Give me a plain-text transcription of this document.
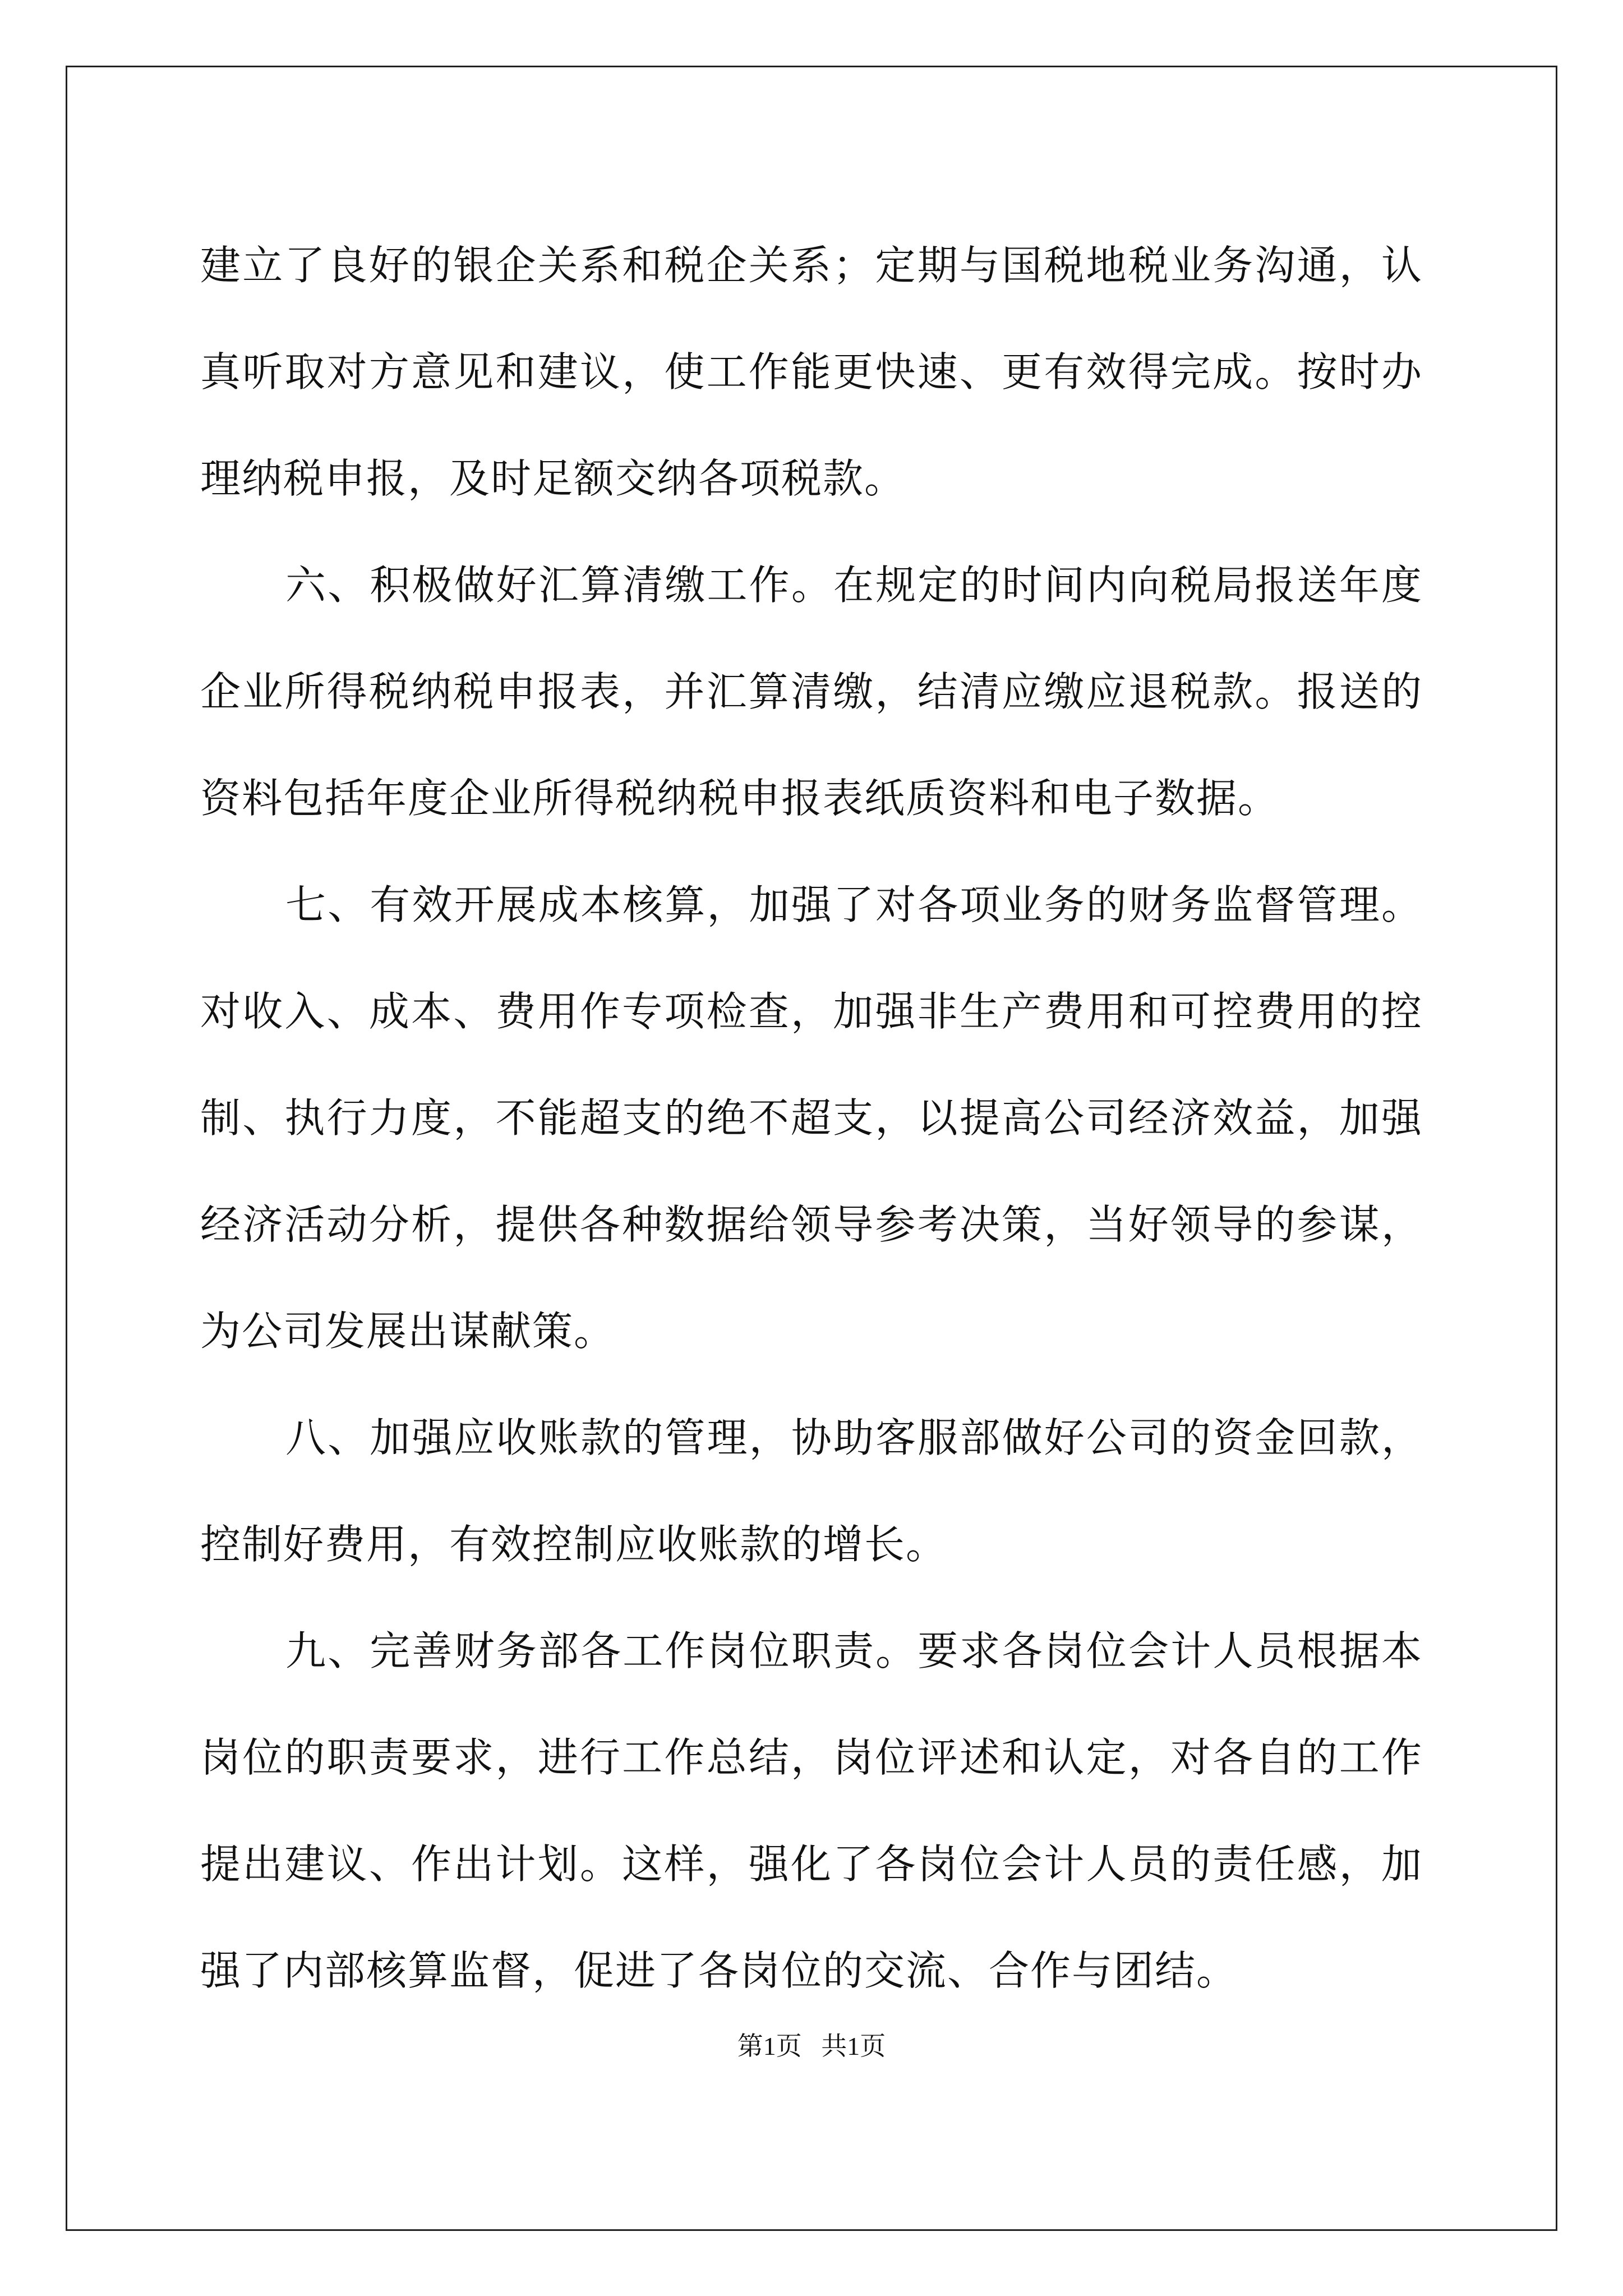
建立了良好的银企关系和税企关系；定期与国税地税业务沟通，认真听取对方意见和建议，使工作能更快速、更有效得完成。按时办理纳税申报，及时足额交纳各项税款。

六、积极做好汇算清缴工作。在规定的时间内向税局报送年度企业所得税纳税申报表，并汇算清缴，结清应缴应退税款。报送的资料包括年度企业所得税纳税申报表纸质资料和电子数据。

七、有效开展成本核算，加强了对各项业务的财务监督管理。对收入、成本、费用作专项检查，加强非生产费用和可控费用的控制、执行力度，不能超支的绝不超支，以提高公司经济效益，加强经济活动分析，提供各种数据给领导参考决策，当好领导的参谋，为公司发展出谋献策。

八、加强应收账款的管理，协助客服部做好公司的资金回款，控制好费用，有效控制应收账款的增长。

九、完善财务部各工作岗位职责。要求各岗位会计人员根据本岗位的职责要求，进行工作总结，岗位评述和认定，对各自的工作提出建议、作出计划。这样，强化了各岗位会计人员的责任感，加强了内部核算监督，促进了各岗位的交流、合作与团结。

第1页   共1页
